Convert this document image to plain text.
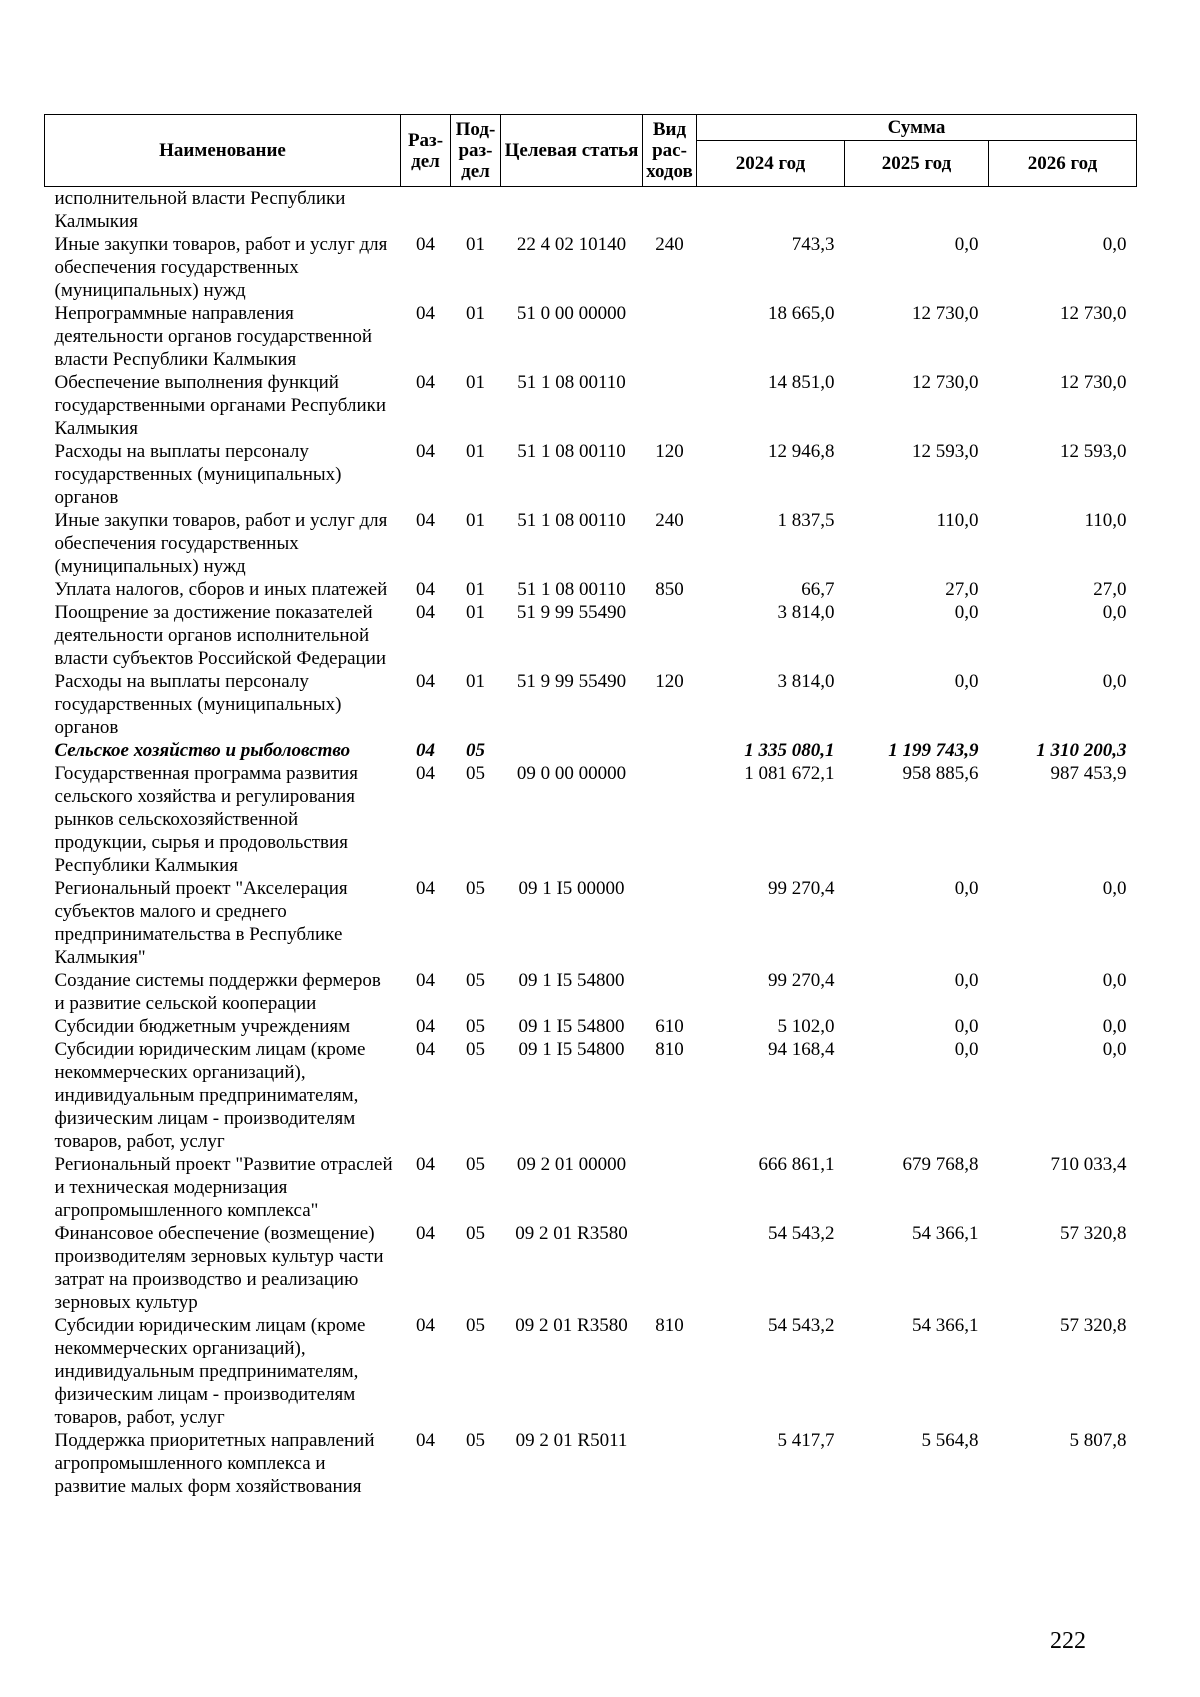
Наименование	Раз-дел	Под-раз-дел	Целевая статья	Вид рас-ходов	Сумма		
					2024 год	2025 год	2026 год
исполнительной власти Республики Калмыкия							
Иные закупки товаров, работ и услуг для обеспечения государственных (муниципальных) нужд	04	01	22 4 02 10140	240	743,3	0,0	0,0
Непрограммные направления деятельности органов государственной власти Республики Калмыкия	04	01	51 0 00 00000		18 665,0	12 730,0	12 730,0
Обеспечение выполнения функций государственными органами Республики Калмыкия	04	01	51 1 08 00110		14 851,0	12 730,0	12 730,0
Расходы на выплаты персоналу государственных (муниципальных) органов	04	01	51 1 08 00110	120	12 946,8	12 593,0	12 593,0
Иные закупки товаров, работ и услуг для обеспечения государственных (муниципальных) нужд	04	01	51 1 08 00110	240	1 837,5	110,0	110,0
Уплата налогов, сборов и иных платежей	04	01	51 1 08 00110	850	66,7	27,0	27,0
Поощрение за достижение показателей деятельности органов исполнительной власти субъектов Российской Федерации	04	01	51 9 99 55490		3 814,0	0,0	0,0
Расходы на выплаты персоналу государственных (муниципальных) органов	04	01	51 9 99 55490	120	3 814,0	0,0	0,0
Сельское хозяйство и рыболовство	04	05			1 335 080,1	1 199 743,9	1 310 200,3
Государственная программа развития сельского хозяйства и регулирования рынков сельскохозяйственной продукции, сырья и продовольствия Республики Калмыкия	04	05	09 0 00 00000		1 081 672,1	958 885,6	987 453,9
Региональный проект "Акселерация субъектов малого и среднего предпринимательства в Республике Калмыкия"	04	05	09 1 I5 00000		99 270,4	0,0	0,0
Создание системы поддержки фермеров и развитие сельской кооперации	04	05	09 1 I5 54800		99 270,4	0,0	0,0
Субсидии бюджетным учреждениям	04	05	09 1 I5 54800	610	5 102,0	0,0	0,0
Субсидии юридическим лицам (кроме некоммерческих организаций), индивидуальным предпринимателям, физическим лицам - производителям товаров, работ, услуг	04	05	09 1 I5 54800	810	94 168,4	0,0	0,0
Региональный проект "Развитие отраслей и техническая модернизация агропромышленного комплекса"	04	05	09 2 01 00000		666 861,1	679 768,8	710 033,4
Финансовое обеспечение (возмещение) производителям зерновых культур части затрат на производство и реализацию зерновых культур	04	05	09 2 01 R3580		54 543,2	54 366,1	57 320,8
Субсидии юридическим лицам (кроме некоммерческих организаций), индивидуальным предпринимателям, физическим лицам - производителям товаров, работ, услуг	04	05	09 2 01 R3580	810	54 543,2	54 366,1	57 320,8
Поддержка приоритетных направлений агропромышленного комплекса и развитие малых форм хозяйствования	04	05	09 2 01 R5011		5 417,7	5 564,8	5 807,8
222
